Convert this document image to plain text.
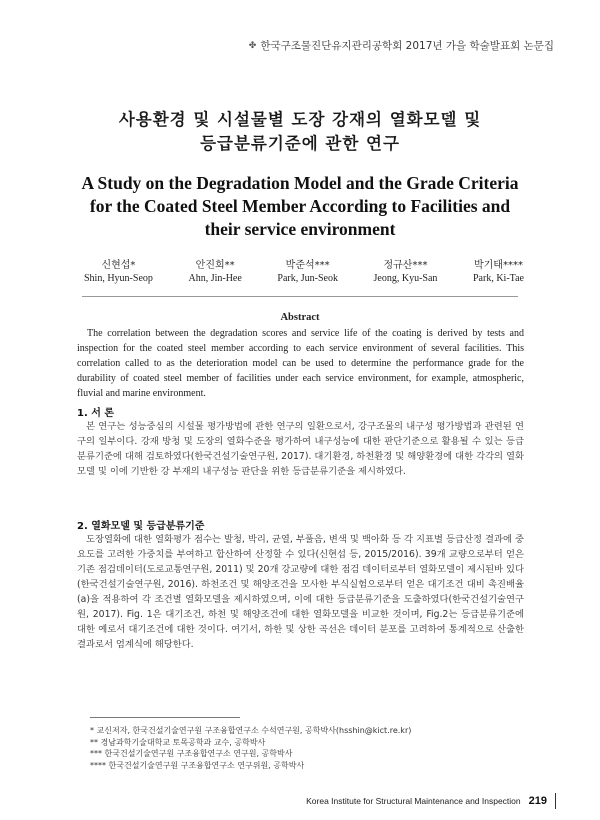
✤ 한국구조물진단유지관리공학회 2017년 가을 학술발표회 논문집
사용환경 및 시설물별 도장 강재의 열화모델 및
등급분류기준에 관한 연구
A Study on the Degradation Model and the Grade Criteria
for the Coated Steel Member According to Facilities and
their service environment
신현섭*
Shin, Hyun-Seop
안진희**
Ahn, Jin-Hee
박준석***
Park, Jun-Seok
정규산***
Jeong, Kyu-San
박기태****
Park, Ki-Tae
Abstract
The correlation between the degradation scores and service life of the coating is derived by tests and inspection for the coated steel member according to each service environment of several facilities. This correlation called to as the deterioration model can be used to determine the performance grade for the durability of coated steel member of facilities under each service environment, for example, atmospheric, fluvial and marine environment.
1. 서 론
본 연구는 성능중심의 시설물 평가방법에 관한 연구의 일환으로서, 강구조물의 내구성 평가방법과 관련된 연구의 일부이다. 강재 방청 및 도장의 열화수준을 평가하여 내구성능에 대한 판단기준으로 활용될 수 있는 등급분류기준에 대해 검토하였다(한국건설기술연구원, 2017). 대기환경, 하천환경 및 해양환경에 대한 각각의 열화모델 및 이에 기반한 강 부재의 내구성능 판단을 위한 등급분류기준을 제시하였다.
2. 열화모델 및 등급분류기준
도장열화에 대한 열화평가 점수는 발청, 박리, 균열, 부풀음, 변색 및 백아화 등 각 지표별 등급산정 결과에 중요도를 고려한 가중치를 부여하고 합산하여 산정할 수 있다(신현섭 등, 2015/2016). 39개 교량으로부터 얻은 기존 점검데이터(도로교통연구원, 2011) 및 20개 강교량에 대한 점검 데이터로부터 열화모델이 제시된바 있다(한국건설기술연구원, 2016). 하천조건 및 해양조건을 모사한 부식실험으로부터 얻은 대기조건 대비 촉진배율(a)을 적용하여 각 조건별 열화모델을 제시하였으며, 이에 대한 등급분류기준을 도출하였다(한국건설기술연구원, 2017). Fig. 1은 대기조건, 하천 및 해양조건에 대한 열화모델을 비교한 것이며, Fig.2는 등급분류기준에 대한 예로서 대기조건에 대한 것이다. 여기서, 하한 및 상한 곡선은 데이터 분포를 고려하여 통계적으로 산출한 결과로서 엄계식에 해당한다.
* 교신저자, 한국건설기술연구원 구조융합연구소 수석연구원, 공학박사(hsshin@kict.re.kr)
** 경남과학기술대학교 토목공학과 교수, 공학박사
*** 한국건설기술연구원 구조융합연구소 연구원, 공학박사
**** 한국건설기술연구원 구조융합연구소 연구위원, 공학박사
Korea Institute for Structural Maintenance and Inspection 219
